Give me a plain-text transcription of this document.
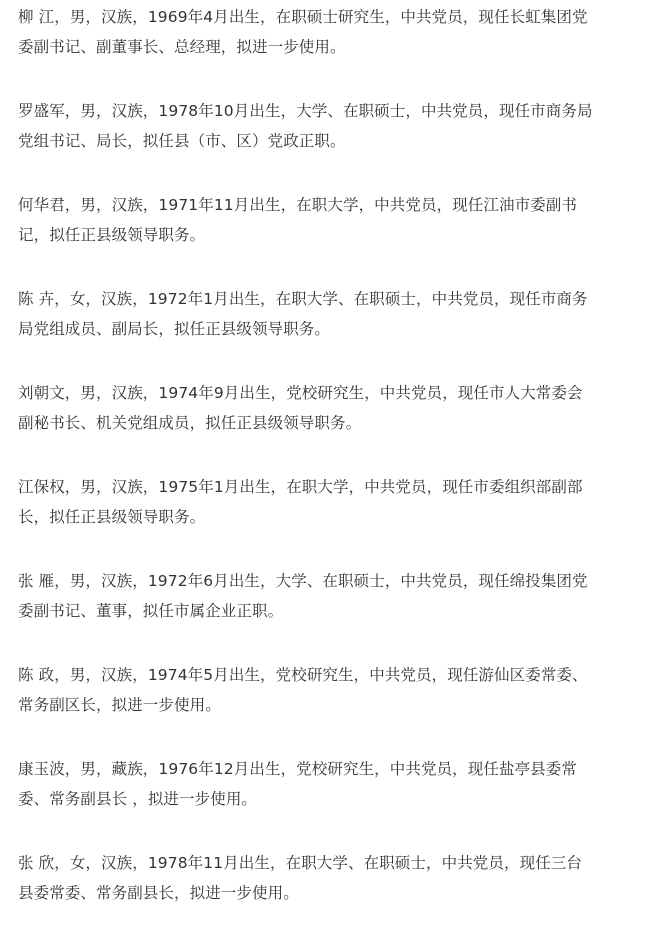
柳 江，男，汉族，1969年4月出生，在职硕士研究生，中共党员，现任长虹集团党
委副书记、副董事长、总经理，拟进一步使用。

罗盛军，男，汉族，1978年10月出生，大学、在职硕士，中共党员，现任市商务局
党组书记、局长，拟任县（市、区）党政正职。

何华君，男，汉族，1971年11月出生，在职大学，中共党员，现任江油市委副书
记，拟任正县级领导职务。

陈 卉，女，汉族，1972年1月出生，在职大学、在职硕士，中共党员，现任市商务
局党组成员、副局长，拟任正县级领导职务。

刘朝文，男，汉族，1974年9月出生，党校研究生，中共党员，现任市人大常委会
副秘书长、机关党组成员，拟任正县级领导职务。

江保权，男，汉族，1975年1月出生，在职大学，中共党员，现任市委组织部副部
长，拟任正县级领导职务。

张 雁，男，汉族，1972年6月出生，大学、在职硕士，中共党员，现任绵投集团党
委副书记、董事，拟任市属企业正职。

陈 政，男，汉族，1974年5月出生，党校研究生，中共党员，现任游仙区委常委、
常务副区长，拟进一步使用。

康玉波，男，藏族，1976年12月出生，党校研究生，中共党员，现任盐亭县委常
委、常务副县长 ，拟进一步使用。

张 欣，女，汉族，1978年11月出生，在职大学、在职硕士，中共党员，现任三台
县委常委、常务副县长，拟进一步使用。
